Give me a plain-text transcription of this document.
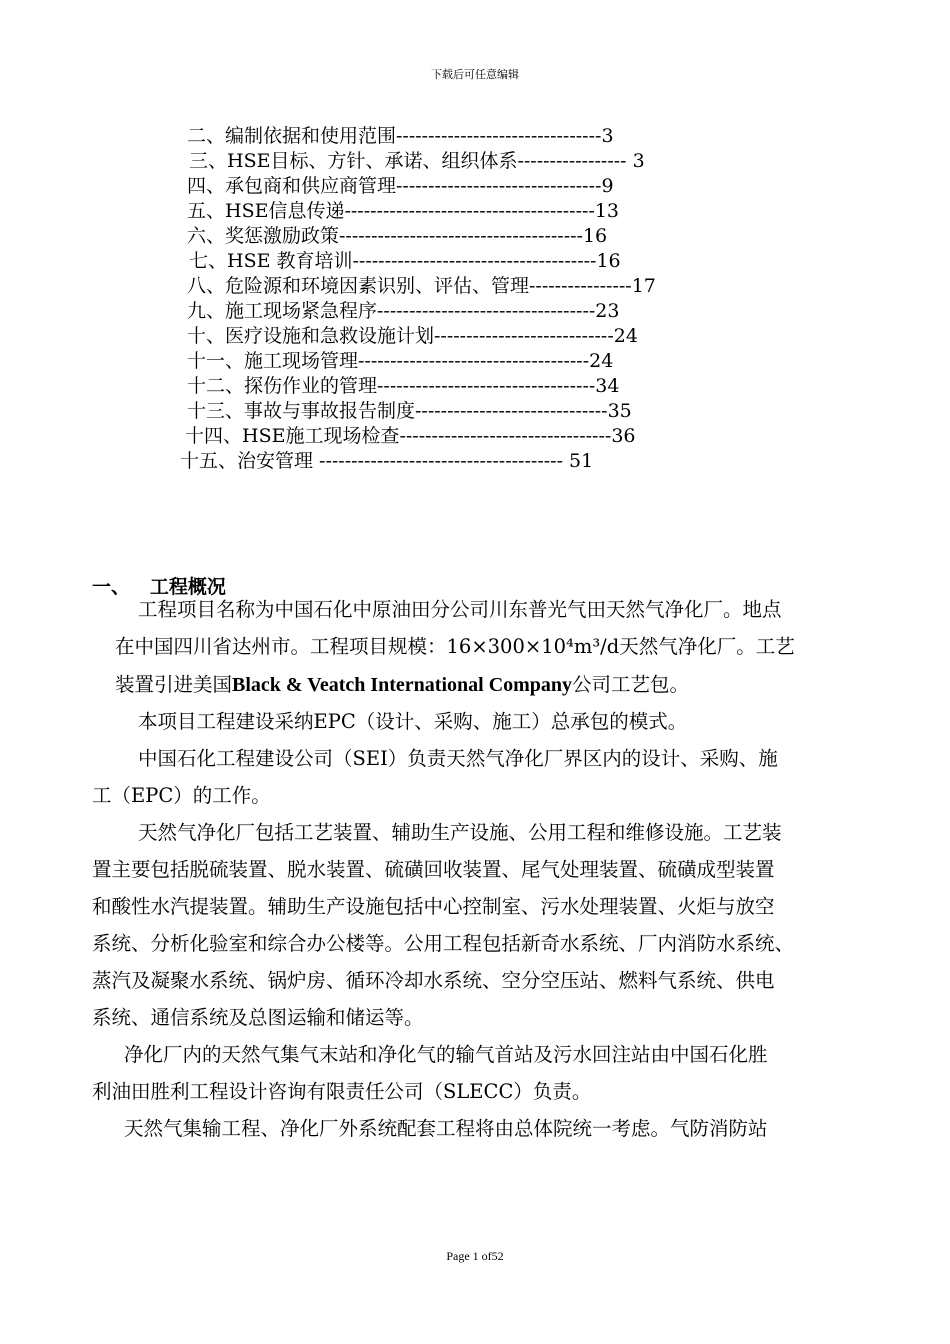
下载后可任意编辑
二、编制依据和使用范围--------------------------------3
三、HSE目标、方针、承诺、组织体系----------------- 3
四、承包商和供应商管理--------------------------------9
五、HSE信息传递---------------------------------------13
六、奖惩激励政策--------------------------------------16
七、HSE 教育培训--------------------------------------16
八、危险源和环境因素识别、评估、管理----------------17
九、施工现场紧急程序----------------------------------23
十、医疗设施和急救设施计划----------------------------24
十一、施工现场管理------------------------------------24
十二、探伤作业的管理----------------------------------34
十三、事故与事故报告制度------------------------------35
十四、HSE施工现场检查---------------------------------36
十五、治安管理 -------------------------------------- 51
一、   工程概况
工程项目名称为中国石化中原油田分公司川东普光气田天然气净化厂。地点
在中国四川省达州市。工程项目规模：16×300×10⁴m³/d天然气净化厂。工艺
装置引进美国Black & Veatch International Company公司工艺包。
本项目工程建设采纳EPC（设计、采购、施工）总承包的模式。
中国石化工程建设公司（SEI）负责天然气净化厂界区内的设计、采购、施
工（EPC）的工作。
天然气净化厂包括工艺装置、辅助生产设施、公用工程和维修设施。工艺装
置主要包括脱硫装置、脱水装置、硫磺回收装置、尾气处理装置、硫磺成型装置
和酸性水汽提装置。辅助生产设施包括中心控制室、污水处理装置、火炬与放空
系统、分析化验室和综合办公楼等。公用工程包括新奇水系统、厂内消防水系统、
蒸汽及凝聚水系统、锅炉房、循环冷却水系统、空分空压站、燃料气系统、供电
系统、通信系统及总图运输和储运等。
净化厂内的天然气集气末站和净化气的输气首站及污水回注站由中国石化胜
利油田胜利工程设计咨询有限责任公司（SLECC）负责。
天然气集输工程、净化厂外系统配套工程将由总体院统一考虑。气防消防站
Page 1 of52
